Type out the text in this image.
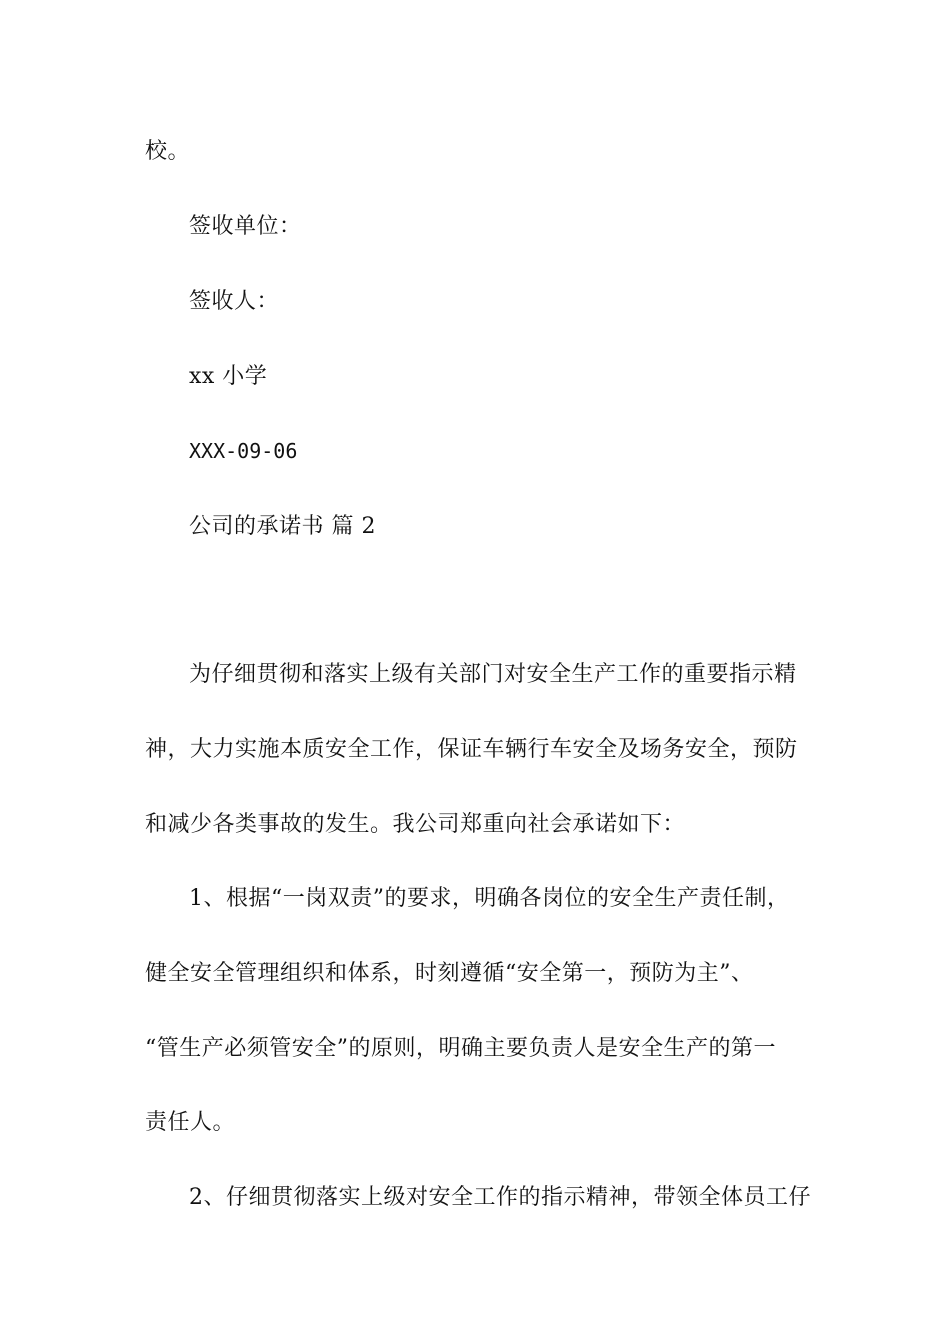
校。
签收单位：
签收人：
xx 小学
XXX-09-06
公司的承诺书 篇 2
为仔细贯彻和落实上级有关部门对安全生产工作的重要指示精
神，大力实施本质安全工作，保证车辆行车安全及场务安全，预防
和减少各类事故的发生。我公司郑重向社会承诺如下：
1、根据“一岗双责”的要求，明确各岗位的安全生产责任制，
健全安全管理组织和体系，时刻遵循“安全第一，预防为主”、
“管生产必须管安全”的原则，明确主要负责人是安全生产的第一
责任人。
2、仔细贯彻落实上级对安全工作的指示精神，带领全体员工仔
